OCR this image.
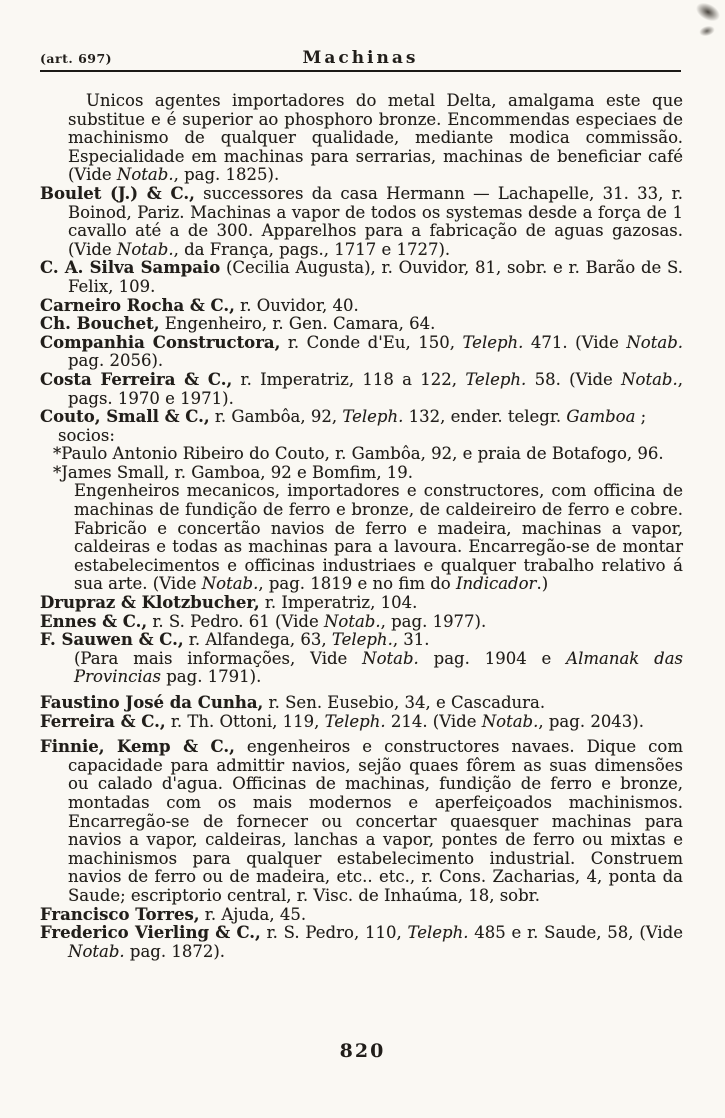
(art. 697)	Machinas

Unicos agentes importadores do metal Delta, amalgama este que substitue e é superior ao phosphoro bronze. Encommendas especiaes de machinismo de qualquer qualidade, mediante modica commissão. Especialidade em machinas para serrarias, machinas de beneficiar café (Vide Notab., pag. 1825).

Boulet (J.) & C., successores da casa Hermann — Lachapelle, 31. 33, r. Boinod, Pariz. Machinas a vapor de todos os systemas desde a força de 1 cavallo até a de 300. Apparelhos para a fabricação de aguas gazosas. (Vide Notab., da França, pags., 1717 e 1727).

C. A. Silva Sampaio (Cecilia Augusta), r. Ouvidor, 81, sobr. e r. Barão de S. Felix, 109.

Carneiro Rocha & C., r. Ouvidor, 40.

Ch. Bouchet, Engenheiro, r. Gen. Camara, 64.

Companhia Constructora, r. Conde d'Eu, 150, Teleph. 471. (Vide Notab. pag. 2056).

Costa Ferreira & C., r. Imperatriz, 118 a 122, Teleph. 58. (Vide Notab., pags. 1970 e 1971).

Couto, Small & C., r. Gambôa, 92, Teleph. 132, ender. telegr. Gamboa ;

socios:

*Paulo Antonio Ribeiro do Couto, r. Gambôa, 92, e praia de Botafogo, 96.

*James Small, r. Gamboa, 92 e Bomfim, 19.

Engenheiros mecanicos, importadores e constructores, com officina de machinas de fundição de ferro e bronze, de caldeireiro de ferro e cobre. Fabricão e concertão navios de ferro e madeira, machinas a vapor, caldeiras e todas as machinas para a lavoura. Encarregão-se de montar estabelecimentos e officinas industriaes e qualquer trabalho relativo á sua arte. (Vide Notab., pag. 1819 e no fim do Indicador.)

Drupraz & Klotzbucher, r. Imperatriz, 104.

Ennes & C., r. S. Pedro. 61 (Vide Notab., pag. 1977).

F. Sauwen & C., r. Alfandega, 63, Teleph., 31.

(Para mais informações, Vide Notab. pag. 1904 e Almanak das Provincias pag. 1791).

Faustino José da Cunha, r. Sen. Eusebio, 34, e Cascadura.

Ferreira & C., r. Th. Ottoni, 119, Teleph. 214. (Vide Notab., pag. 2043).

Finnie, Kemp & C., engenheiros e constructores navaes. Dique com capacidade para admittir navios, sejão quaes fôrem as suas dimensões ou calado d'agua. Officinas de machinas, fundição de ferro e bronze, montadas com os mais modernos e aperfeiçoados machinismos. Encarregão-se de fornecer ou concertar quaesquer machinas para navios a vapor, caldeiras, lanchas a vapor, pontes de ferro ou mixtas e machinismos para qualquer estabelecimento industrial. Construem navios de ferro ou de madeira, etc.. etc., r. Cons. Zacharias, 4, ponta da Saude; escriptorio central, r. Visc. de Inhaúma, 18, sobr.

Francisco Torres, r. Ajuda, 45.

Frederico Vierling & C., r. S. Pedro, 110, Teleph. 485 e r. Saude, 58, (Vide Notab. pag. 1872).

820
